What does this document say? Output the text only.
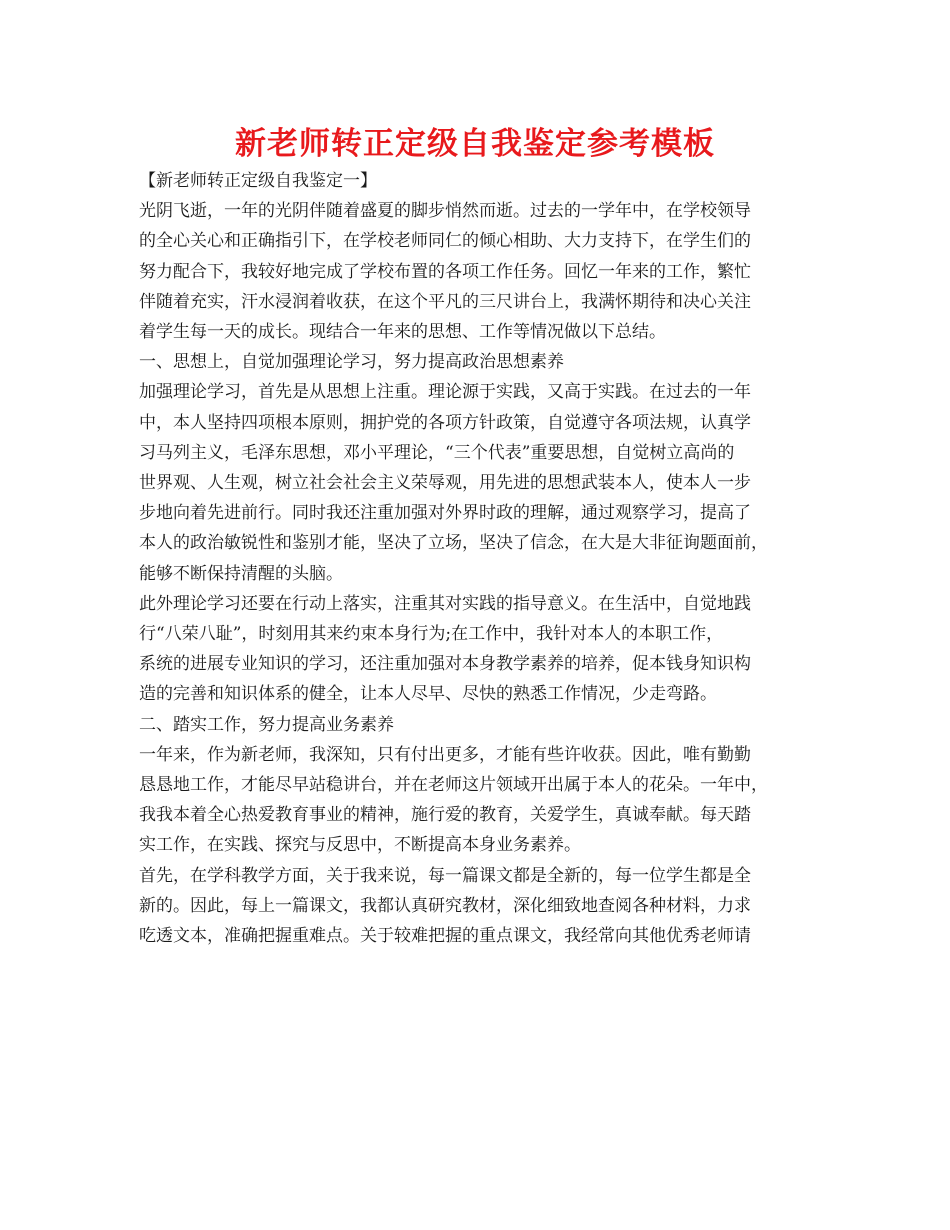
新老师转正定级自我鉴定参考模板
【新老师转正定级自我鉴定一】
光阴飞逝，一年的光阴伴随着盛夏的脚步悄然而逝。过去的一学年中，在学校领导
的全心关心和正确指引下，在学校老师同仁的倾心相助、大力支持下，在学生们的
努力配合下，我较好地完成了学校布置的各项工作任务。回忆一年来的工作，繁忙
伴随着充实，汗水浸润着收获，在这个平凡的三尺讲台上，我满怀期待和决心关注
着学生每一天的成长。现结合一年来的思想、工作等情况做以下总结。
一、思想上，自觉加强理论学习，努力提高政治思想素养
加强理论学习，首先是从思想上注重。理论源于实践，又高于实践。在过去的一年
中，本人坚持四项根本原则，拥护党的各项方针政策，自觉遵守各项法规，认真学
习马列主义，毛泽东思想，邓小平理论，“三个代表”重要思想，自觉树立高尚的
世界观、人生观，树立社会社会主义荣辱观，用先进的思想武装本人，使本人一步
步地向着先进前行。同时我还注重加强对外界时政的理解，通过观察学习，提高了
本人的政治敏锐性和鉴别才能，坚决了立场，坚决了信念，在大是大非征询题面前，
能够不断保持清醒的头脑。
此外理论学习还要在行动上落实，注重其对实践的指导意义。在生活中，自觉地践
行“八荣八耻”，时刻用其来约束本身行为;在工作中，我针对本人的本职工作，
系统的进展专业知识的学习，还注重加强对本身教学素养的培养，促本钱身知识构
造的完善和知识体系的健全，让本人尽早、尽快的熟悉工作情况，少走弯路。
二、踏实工作，努力提高业务素养
一年来，作为新老师，我深知，只有付出更多，才能有些许收获。因此，唯有勤勤
恳恳地工作，才能尽早站稳讲台，并在老师这片领域开出属于本人的花朵。一年中，
我我本着全心热爱教育事业的精神，施行爱的教育，关爱学生，真诚奉献。每天踏
实工作，在实践、探究与反思中，不断提高本身业务素养。
首先，在学科教学方面，关于我来说，每一篇课文都是全新的，每一位学生都是全
新的。因此，每上一篇课文，我都认真研究教材，深化细致地查阅各种材料，力求
吃透文本，准确把握重难点。关于较难把握的重点课文，我经常向其他优秀老师请
